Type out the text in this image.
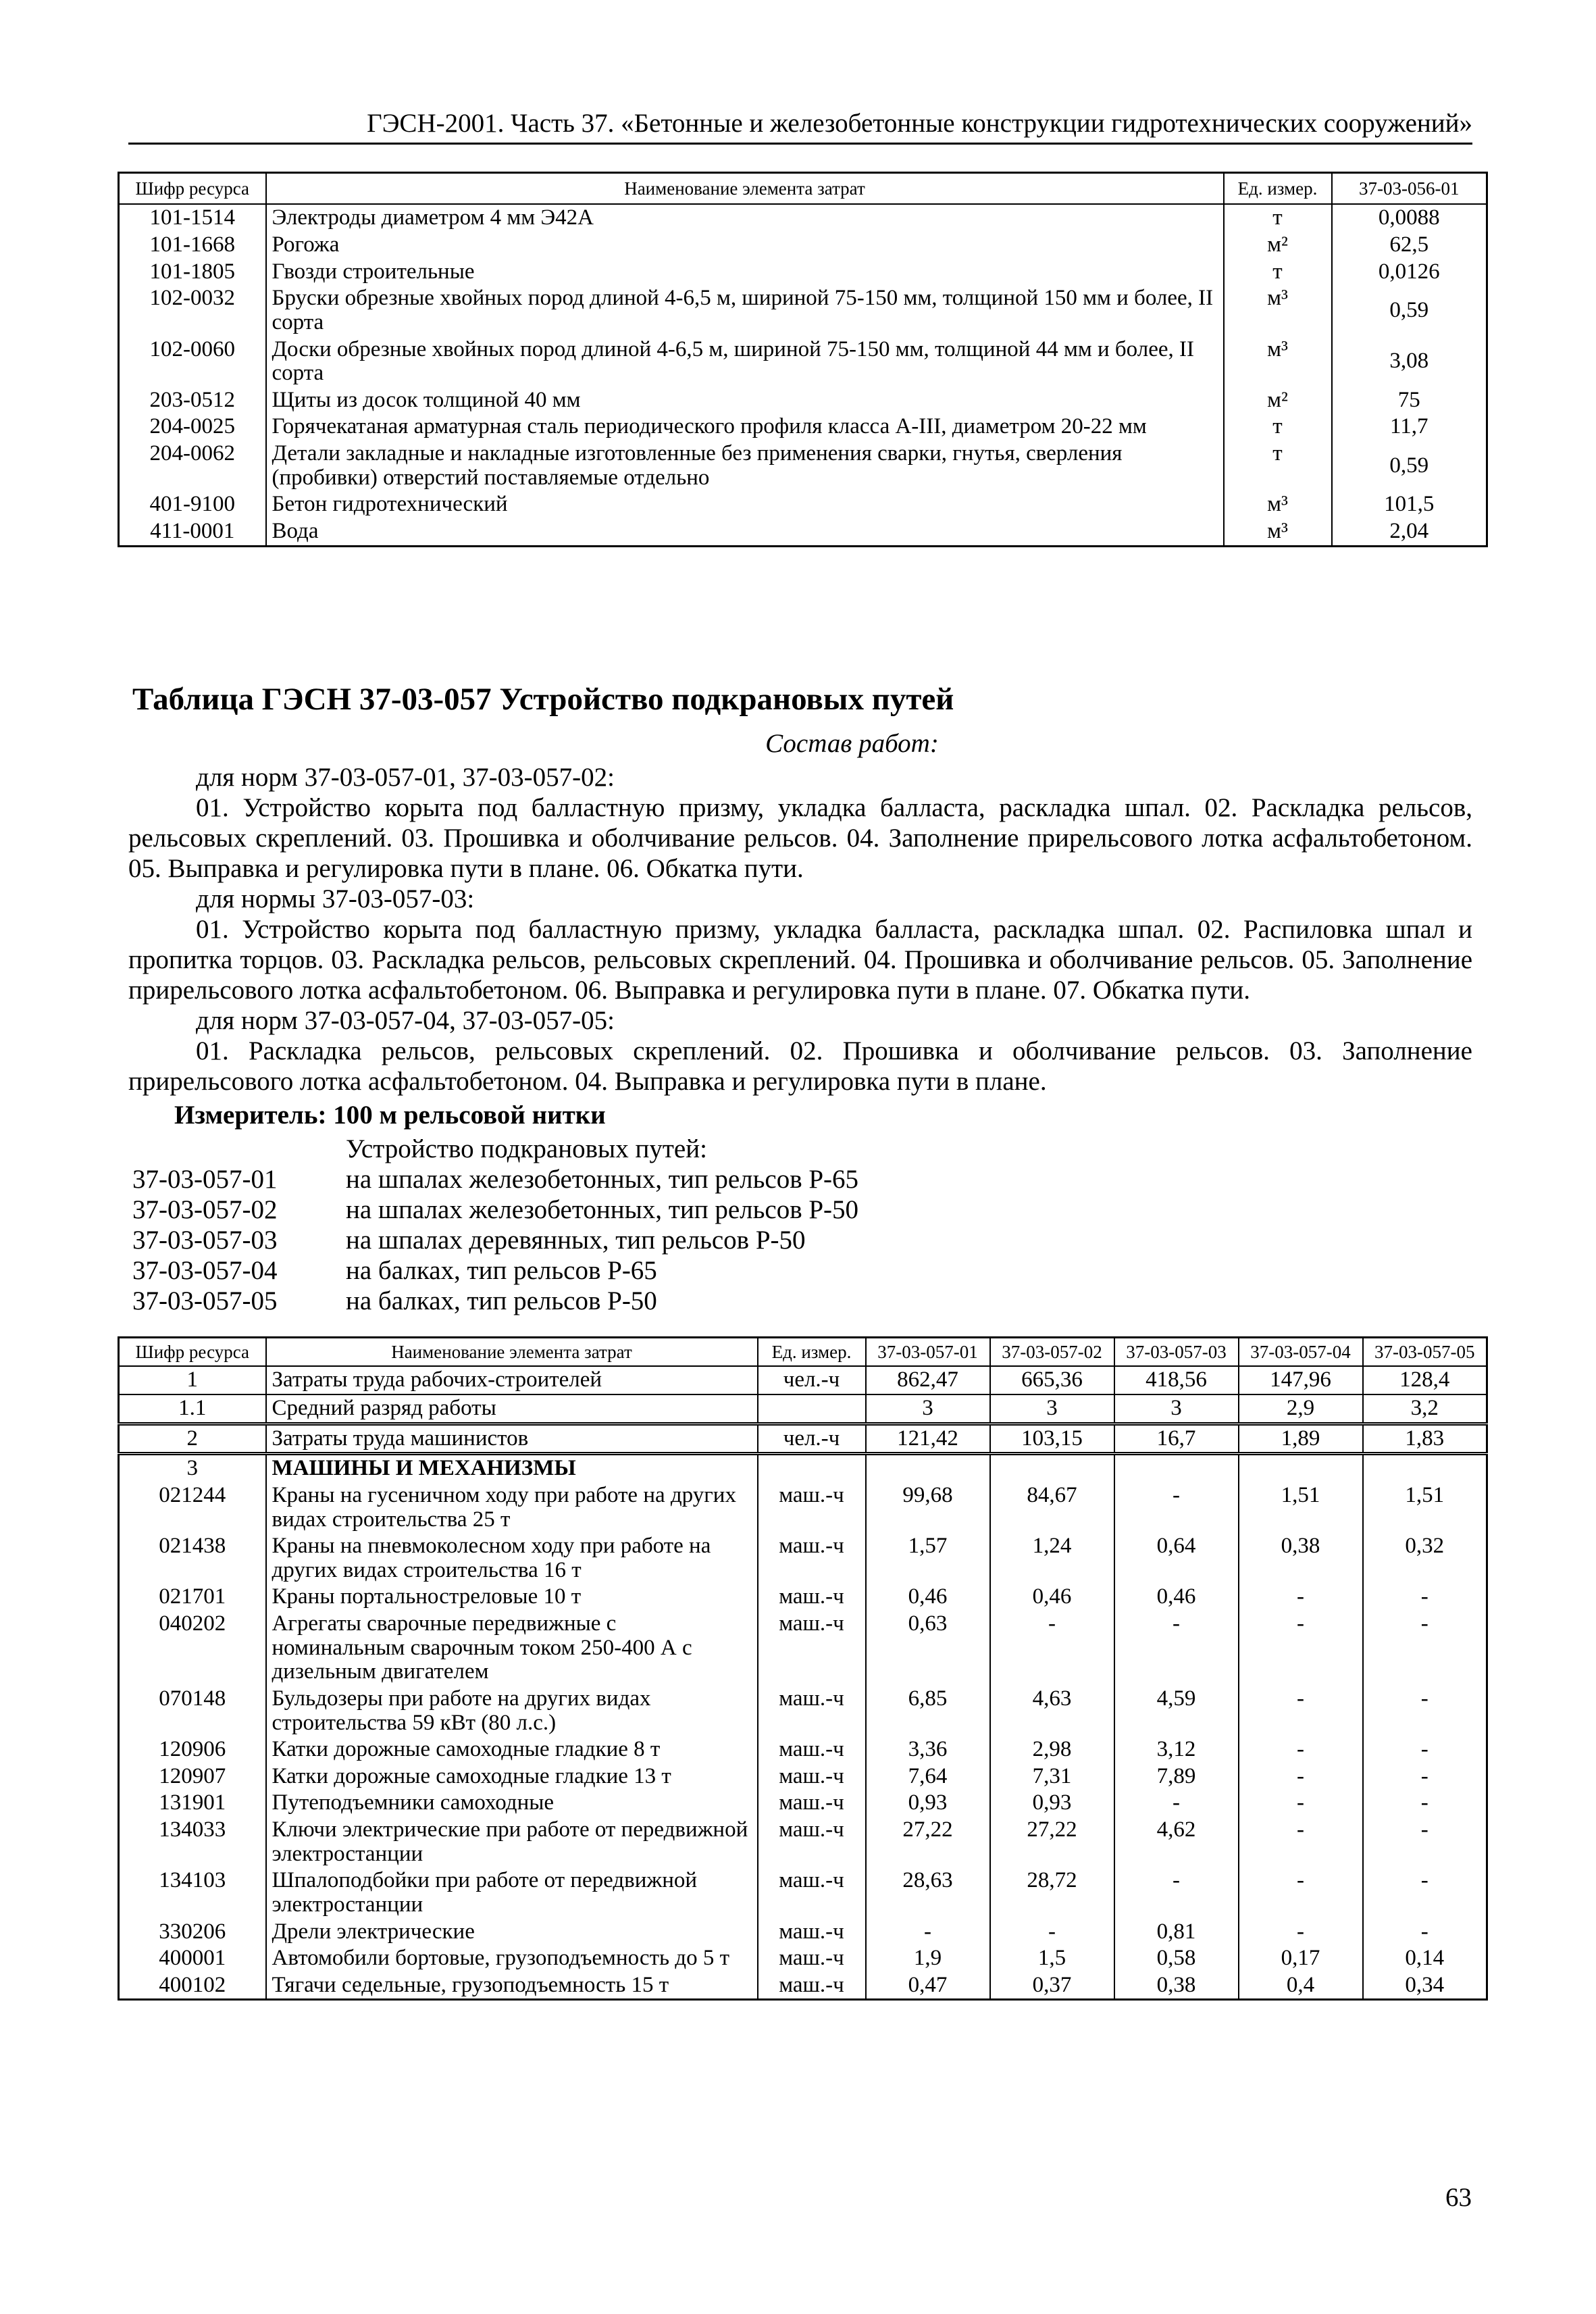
ГЭСН-2001. Часть 37. «Бетонные и железобетонные конструкции гидротехнических сооружений»
Шифр ресурса	Наименование элемента затрат	Ед. измер.	37-03-056-01
101-1514	Электроды диаметром 4 мм Э42А	т	0,0088
101-1668	Рогожа	м²	62,5
101-1805	Гвозди строительные	т	0,0126
102-0032	Бруски обрезные хвойных пород длиной 4-6,5 м, шириной 75-150 мм, толщиной 150 мм и более, II сорта	м³	0,59
102-0060	Доски обрезные хвойных пород длиной 4-6,5 м, шириной 75-150 мм, толщиной 44 мм и более, II сорта	м³	3,08
203-0512	Щиты из досок толщиной 40 мм	м²	75
204-0025	Горячекатаная арматурная сталь периодического профиля класса А-III, диаметром 20-22 мм	т	11,7
204-0062	Детали закладные и накладные изготовленные без применения сварки, гнутья, сверления (пробивки) отверстий поставляемые отдельно	т	0,59
401-9100	Бетон гидротехнический	м³	101,5
411-0001	Вода	м³	2,04
Таблица ГЭСН 37-03-057 Устройство подкрановых путей
Состав работ:

для норм 37-03-057-01, 37-03-057-02:

01. Устройство корыта под балластную призму, укладка балласта, раскладка шпал. 02. Раскладка рельсов, рельсовых скреплений. 03. Прошивка и оболчивание рельсов. 04. Заполнение прирельсового лотка асфальтобетоном. 05. Выправка и регулировка пути в плане. 06. Обкатка пути.

для нормы 37-03-057-03:

01. Устройство корыта под балластную призму, укладка балласта, раскладка шпал. 02. Распиловка шпал и пропитка торцов. 03. Раскладка рельсов, рельсовых скреплений. 04. Прошивка и оболчивание рельсов. 05. Заполнение прирельсового лотка асфальтобетоном. 06. Выправка и регулировка пути в плане. 07. Обкатка пути.

для норм 37-03-057-04, 37-03-057-05:

01. Раскладка рельсов, рельсовых скреплений. 02. Прошивка и оболчивание рельсов. 03. Заполнение прирельсового лотка асфальтобетоном. 04. Выправка и регулировка пути в плане.

Измеритель: 100 м рельсовой нитки
Устройство подкрановых путей:
37-03-057-01	на шпалах железобетонных, тип рельсов Р-65
37-03-057-02	на шпалах железобетонных, тип рельсов Р-50
37-03-057-03	на шпалах деревянных, тип рельсов Р-50
37-03-057-04	на балках, тип рельсов Р-65
37-03-057-05	на балках, тип рельсов Р-50
Шифр ресурса	Наименование элемента затрат	Ед. измер.	37-03-057-01	37-03-057-02	37-03-057-03	37-03-057-04	37-03-057-05
1	Затраты труда рабочих-строителей	чел.-ч	862,47	665,36	418,56	147,96	128,4
1.1	Средний разряд работы		3	3	3	2,9	3,2
2	Затраты труда машинистов	чел.-ч	121,42	103,15	16,7	1,89	1,83
3	МАШИНЫ И МЕХАНИЗМЫ						
021244	Краны на гусеничном ходу при работе на других видах строительства 25 т	маш.-ч	99,68	84,67	-	1,51	1,51
021438	Краны на пневмоколесном ходу при работе на других видах строительства 16 т	маш.-ч	1,57	1,24	0,64	0,38	0,32
021701	Краны портальнострелoвые 10 т	маш.-ч	0,46	0,46	0,46	-	-
040202	Агрегаты сварочные передвижные с номинальным сварочным током 250-400 А с дизельным двигателем	маш.-ч	0,63	-	-	-	-
070148	Бульдозеры при работе на других видах строительства 59 кВт (80 л.с.)	маш.-ч	6,85	4,63	4,59	-	-
120906	Катки дорожные самоходные гладкие 8 т	маш.-ч	3,36	2,98	3,12	-	-
120907	Катки дорожные самоходные гладкие 13 т	маш.-ч	7,64	7,31	7,89	-	-
131901	Путеподъемники самоходные	маш.-ч	0,93	0,93	-	-	-
134033	Ключи электрические при работе от передвижной электростанции	маш.-ч	27,22	27,22	4,62	-	-
134103	Шпалоподбойки при работе от передвижной электростанции	маш.-ч	28,63	28,72	-	-	-
330206	Дрели электрические	маш.-ч	-	-	0,81	-	-
400001	Автомобили бортовые, грузоподъемность до 5 т	маш.-ч	1,9	1,5	0,58	0,17	0,14
400102	Тягачи седельные, грузоподъемность 15 т	маш.-ч	0,47	0,37	0,38	0,4	0,34
63
